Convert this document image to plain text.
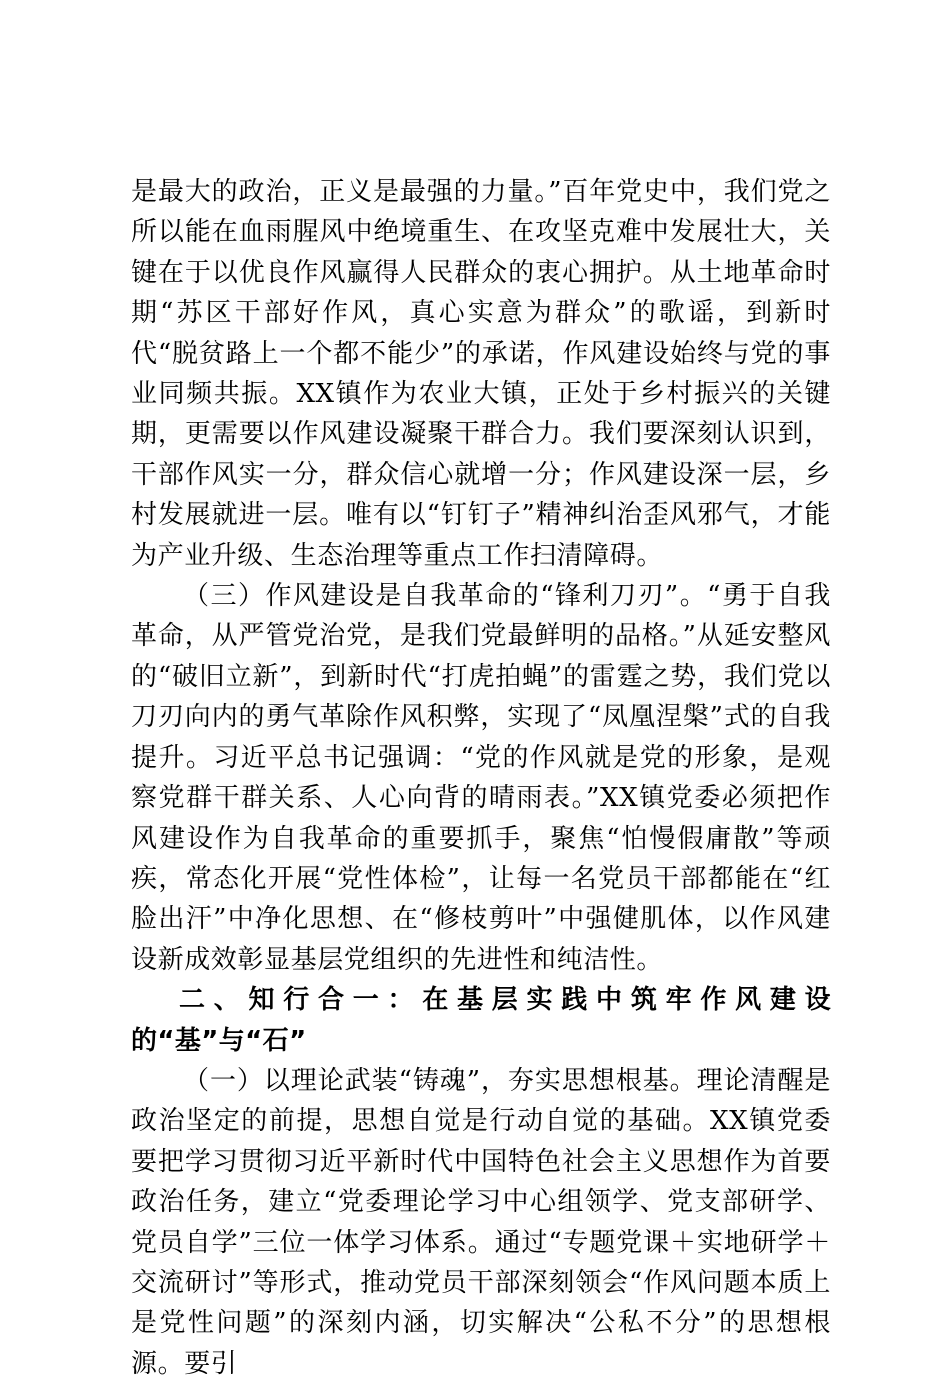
是最大的政治，正义是最强的力量。”百年党史中，我们党之所以能在血雨腥风中绝境重生、在攻坚克难中发展壮大，关键在于以优良作风赢得人民群众的衷心拥护。从土地革命时期“苏区干部好作风，真心实意为群众”的歌谣，到新时代“脱贫路上一个都不能少”的承诺，作风建设始终与党的事业同频共振。XX镇作为农业大镇，正处于乡村振兴的关键期，更需要以作风建设凝聚干群合力。我们要深刻认识到，干部作风实一分，群众信心就增一分；作风建设深一层，乡村发展就进一层。唯有以“钉钉子”精神纠治歪风邪气，才能为产业升级、生态治理等重点工作扫清障碍。

（三）作风建设是自我革命的“锋利刀刃”。“勇于自我革命，从严管党治党，是我们党最鲜明的品格。”从延安整风的“破旧立新”，到新时代“打虎拍蝇”的雷霆之势，我们党以刀刃向内的勇气革除作风积弊，实现了“凤凰涅槃”式的自我提升。习近平总书记强调：“党的作风就是党的形象，是观察党群干群关系、人心向背的晴雨表。”XX镇党委必须把作风建设作为自我革命的重要抓手，聚焦“怕慢假庸散”等顽疾，常态化开展“党性体检”，让每一名党员干部都能在“红脸出汗”中净化思想、在“修枝剪叶”中强健肌体，以作风建设新成效彰显基层党组织的先进性和纯洁性。

二、知行合一：在基层实践中筑牢作风建设的“基”与“石”

（一）以理论武装“铸魂”，夯实思想根基。理论清醒是政治坚定的前提，思想自觉是行动自觉的基础。XX镇党委要把学习贯彻习近平新时代中国特色社会主义思想作为首要政治任务，建立“党委理论学习中心组领学、党支部研学、党员自学”三位一体学习体系。通过“专题党课＋实地研学＋交流研讨”等形式，推动党员干部深刻领会“作风问题本质上是党性问题”的深刻内涵，切实解决“公私不分”的思想根源。要引
